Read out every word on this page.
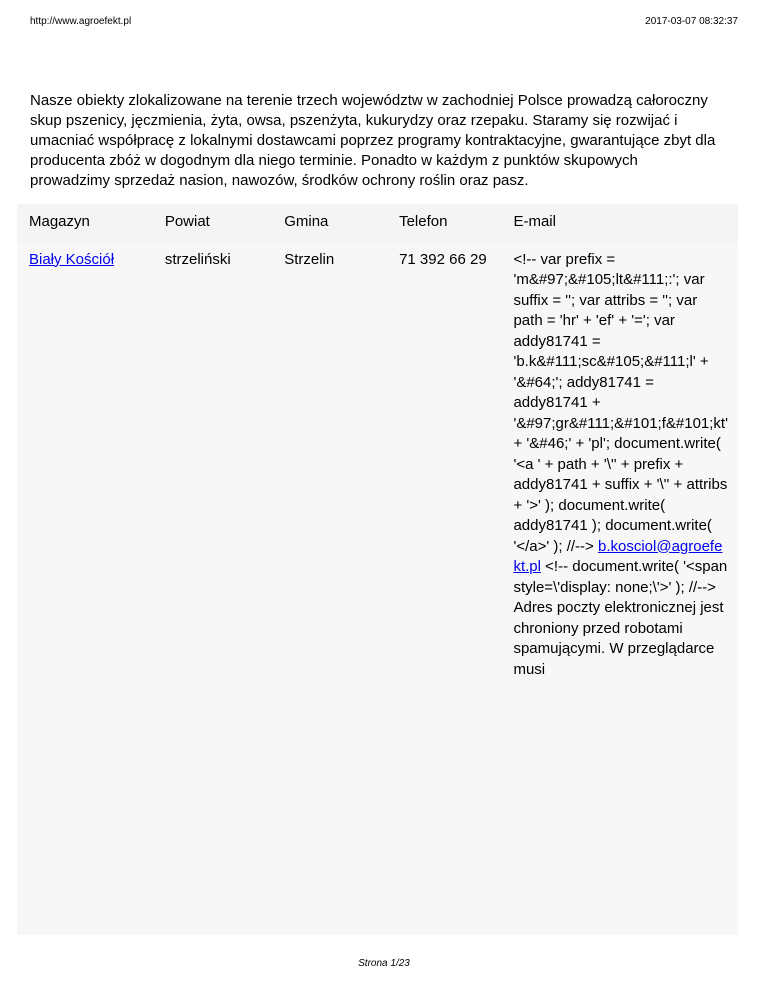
http://www.agroefekt.pl	2017-03-07 08:32:37

Nasze obiekty zlokalizowane na terenie trzech województw w zachodniej Polsce prowadzą całoroczny skup pszenicy, jęczmienia, żyta, owsa, pszenżyta, kukurydzy oraz rzepaku. Staramy się rozwijać i umacniać współpracę z lokalnymi dostawcami poprzez programy kontraktacyjne, gwarantujące zbyt dla producenta zbóż w dogodnym dla niego terminie. Ponadto w każdym z punktów skupowych prowadzimy sprzedaż nasion, nawozów, środków ochrony roślin oraz pasz.

Magazyn	Powiat	Gmina	Telefon	E-mail
Biały Kościół	strzeliński	Strzelin	71 392 66 29	<!-- var prefix = 'm&#97;&#105;lt&#111;:'; var suffix = ''; var attribs = ''; var path = 'hr' + 'ef' + '='; var addy81741 = 'b.k&#111;sc&#105;&#111;l' + '&#64;'; addy81741 = addy81741 + '&#97;gr&#111;&#101;f&#101;kt' + '&#46;' + 'pl'; document.write( '<a ' + path + '\'' + prefix + addy81741 + suffix + '\'' + attribs + '>' ); document.write( addy81741 ); document.write( '</a>' ); //--> b.kosciol@agroefekt.pl <!-- document.write( '<span style=\'display: none;\'>' ); //--> Adres poczty elektronicznej jest chroniony przed robotami spamującymi. W przeglądarce musi
Strona 1/23
